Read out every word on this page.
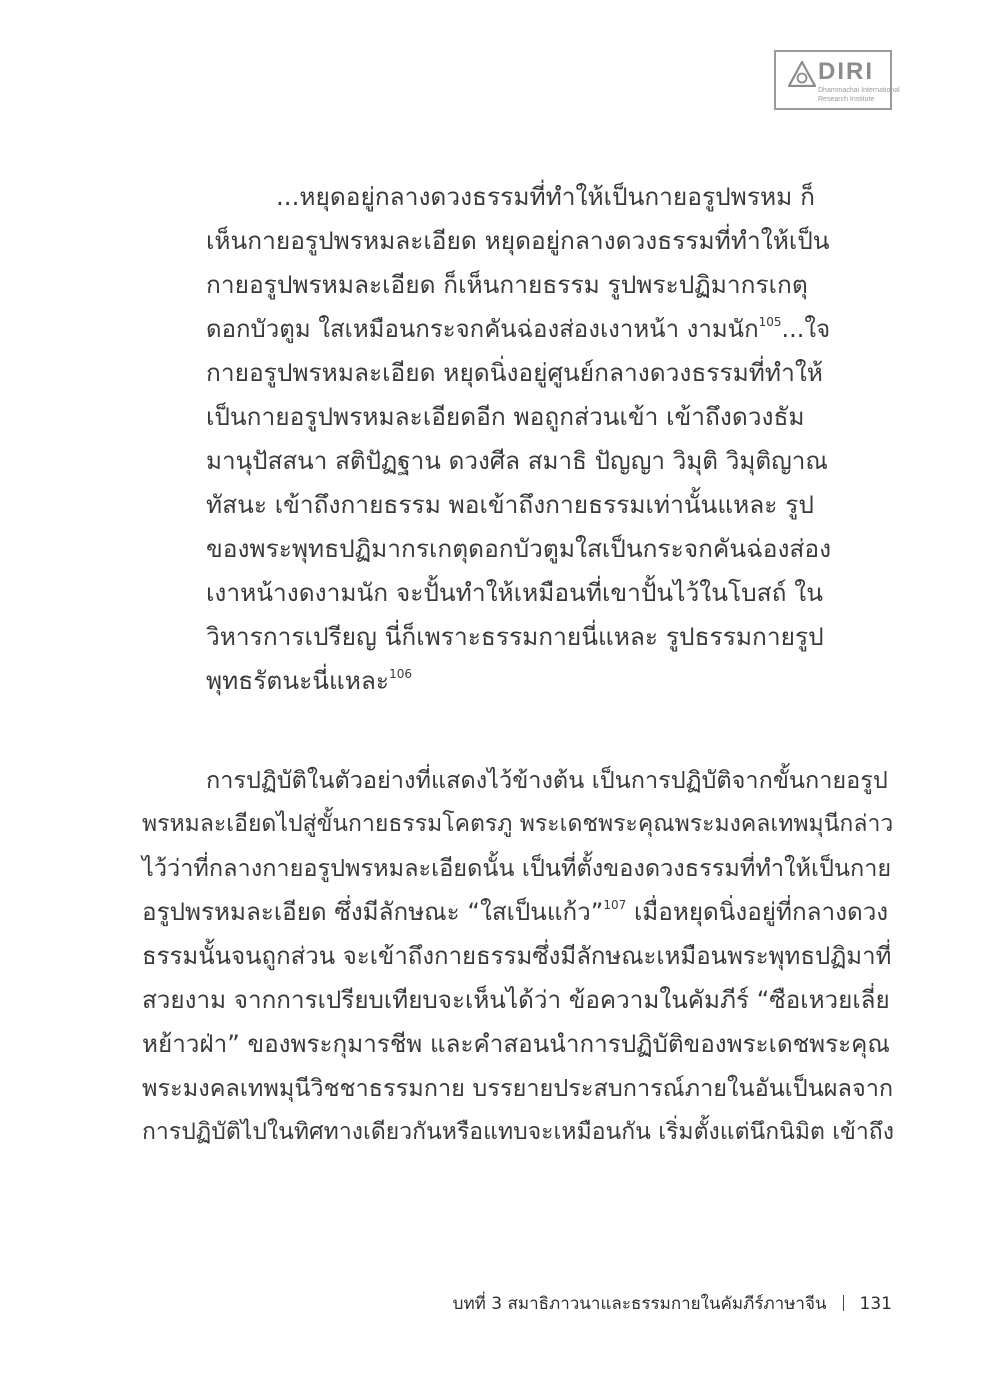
DIRI
Dhammachai International
Research Institute
...หยุดอยู่กลางดวงธรรมที่ทำให้เป็นกายอรูปพรหม ก็
เห็นกายอรูปพรหมละเอียด หยุดอยู่กลางดวงธรรมที่ทำให้เป็น
กายอรูปพรหมละเอียด ก็เห็นกายธรรม รูปพระปฏิมากรเกตุ
ดอกบัวตูม ใสเหมือนกระจกคันฉ่องส่องเงาหน้า งามนัก$^{105}$...ใจ
กายอรูปพรหมละเอียด หยุดนิ่งอยู่ศูนย์กลางดวงธรรมที่ทำให้
เป็นกายอรูปพรหมละเอียดอีก พอถูกส่วนเข้า เข้าถึงดวงธัม
มานุปัสสนา สติปัฏฐาน ดวงศีล สมาธิ ปัญญา วิมุติ วิมุติญาณ
ทัสนะ เข้าถึงกายธรรม พอเข้าถึงกายธรรมเท่านั้นแหละ รูป
ของพระพุทธปฏิมากรเกตุดอกบัวตูมใสเป็นกระจกคันฉ่องส่อง
เงาหน้างดงามนัก จะปั้นทำให้เหมือนที่เขาปั้นไว้ในโบสถ์ ใน
วิหารการเปรียญ นี่ก็เพราะธรรมกายนี่แหละ รูปธรรมกายรูป
พุทธรัตนะนี่แหละ$^{106}$
การปฏิบัติในตัวอย่างที่แสดงไว้ข้างต้น เป็นการปฏิบัติจากขั้นกายอรูป
พรหมละเอียดไปสู่ขั้นกายธรรมโคตรภู พระเดชพระคุณพระมงคลเทพมุนีกล่าว
ไว้ว่าที่กลางกายอรูปพรหมละเอียดนั้น เป็นที่ตั้งของดวงธรรมที่ทำให้เป็นกาย
อรูปพรหมละเอียด ซึ่งมีลักษณะ “ใสเป็นแก้ว”$^{107}$ เมื่อหยุดนิ่งอยู่ที่กลางดวง
ธรรมนั้นจนถูกส่วน จะเข้าถึงกายธรรมซึ่งมีลักษณะเหมือนพระพุทธปฏิมาที่
สวยงาม จากการเปรียบเทียบจะเห็นได้ว่า ข้อความในคัมภีร์ “ซือเหวยเลี่ย
หย้าวฝ่า” ของพระกุมารชีพ และคำสอนนำการปฏิบัติของพระเดชพระคุณ
พระมงคลเทพมุนีวิชชาธรรมกาย บรรยายประสบการณ์ภายในอันเป็นผลจาก
การปฏิบัติไปในทิศทางเดียวกันหรือแทบจะเหมือนกัน เริ่มตั้งแต่นึกนิมิต เข้าถึง
บทที่ 3 สมาธิภาวนาและธรรมกายในคัมภีร์ภาษาจีน 131
